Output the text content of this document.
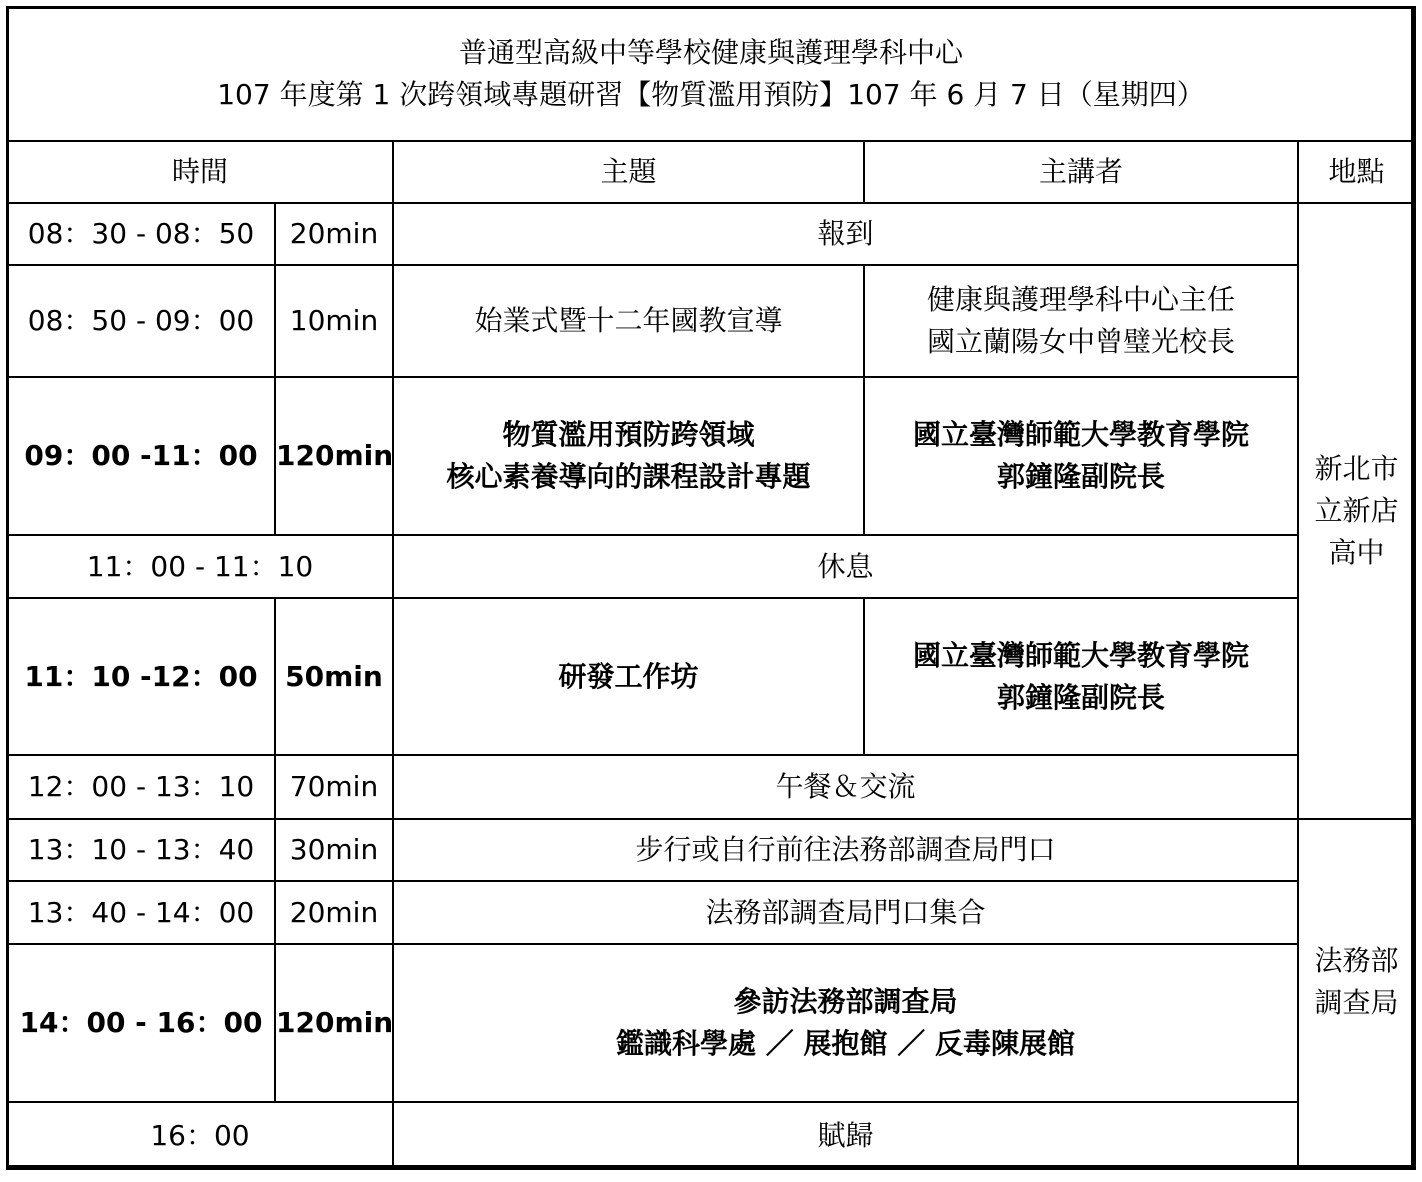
普通型高級中等學校健康與護理學科中心
107 年度第 1 次跨領域專題研習【物質濫用預防】107 年 6 月 7 日（星期四）				

時間		主題	主講者	地點
08：30 - 08：50	20min	報到		新北市
立新店
高中

08：50 - 09：00	10min	始業式暨十二年國教宣導	健康與護理學科中心主任
國立蘭陽女中曾璧光校長	

09：00 -11：00	120min	物質濫用預防跨領域
核心素養導向的課程設計專題	國立臺灣師範大學教育學院
郭鐘隆副院長	

11：00 - 11：10		休息		
11：10 -12：00	50min	研發工作坊	國立臺灣師範大學教育學院
郭鐘隆副院長	

12：00 - 13：10	70min	午餐＆交流		
13：10 - 13：40	30min	步行或自行前往法務部調查局門口		法務部
調查局

13：40 - 14：00	20min	法務部調查局門口集合		
14：00 - 16：00	120min	參訪法務部調查局
鑑識科學處 ／ 展抱館 ／ 反毒陳展館		

16：00		賦歸		
